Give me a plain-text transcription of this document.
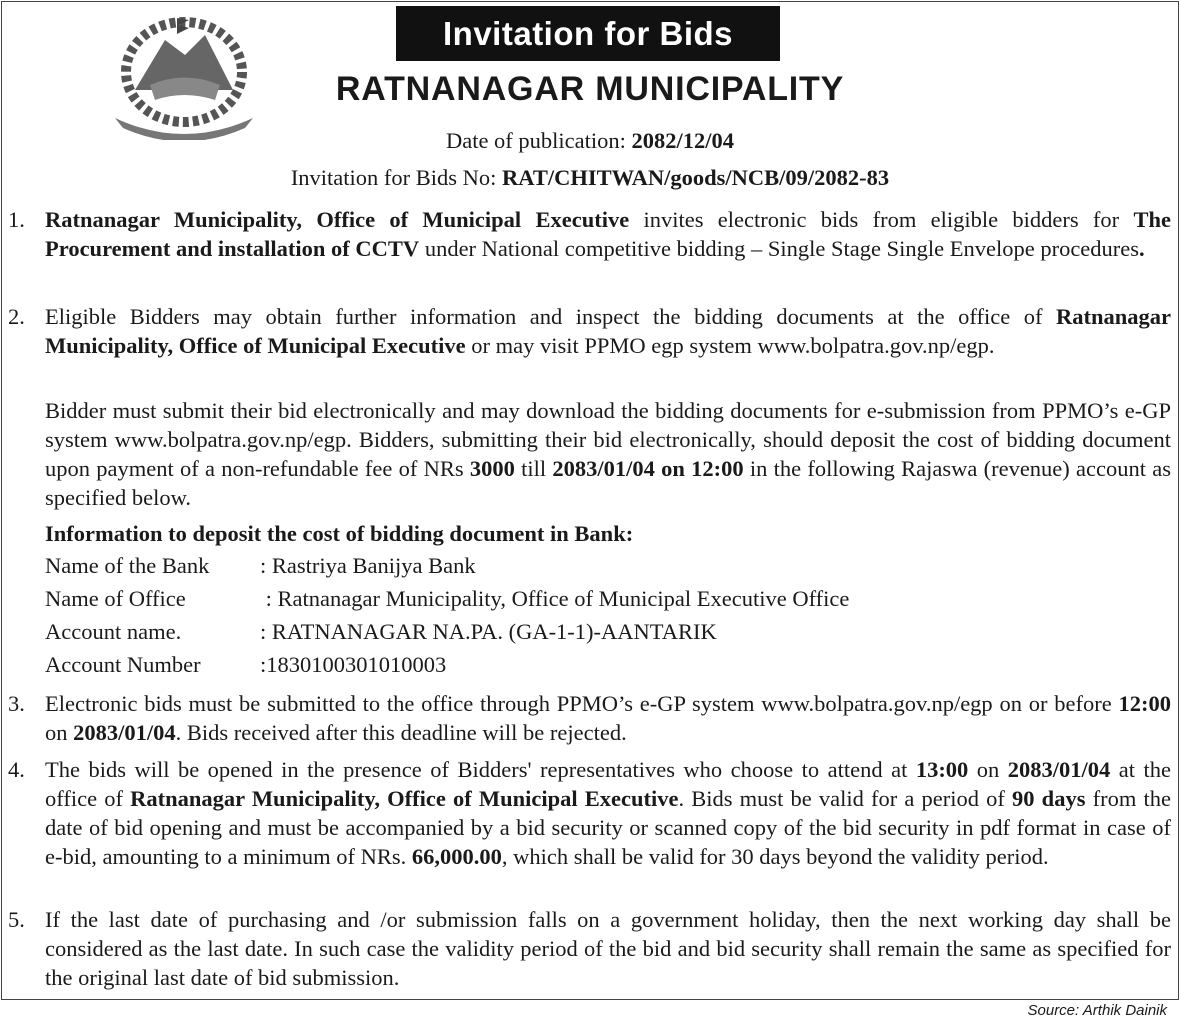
Invitation for Bids
RATNANAGAR MUNICIPALITY
Date of publication: 2082/12/04
Invitation for Bids No: RAT/CHITWAN/goods/NCB/09/2082-83
1. Ratnanagar Municipality, Office of Municipal Executive invites electronic bids from eligible bidders for The Procurement and installation of CCTV under National competitive bidding – Single Stage Single Envelope procedures.
2. Eligible Bidders may obtain further information and inspect the bidding documents at the office of Ratnanagar Municipality, Office of Municipal Executive or may visit PPMO egp system www.bolpatra.gov.np/egp.
Bidder must submit their bid electronically and may download the bidding documents for e-submission from PPMO’s e-GP system www.bolpatra.gov.np/egp. Bidders, submitting their bid electronically, should deposit the cost of bidding document upon payment of a non-refundable fee of NRs 3000 till 2083/01/04 on 12:00 in the following Rajaswa (revenue) account as specified below.
Information to deposit the cost of bidding document in Bank:
3. Electronic bids must be submitted to the office through PPMO’s e-GP system www.bolpatra.gov.np/egp on or before 12:00 on 2083/01/04. Bids received after this deadline will be rejected.
4. The bids will be opened in the presence of Bidders' representatives who choose to attend at 13:00 on 2083/01/04 at the office of Ratnanagar Municipality, Office of Municipal Executive. Bids must be valid for a period of 90 days from the date of bid opening and must be accompanied by a bid security or scanned copy of the bid security in pdf format in case of e-bid, amounting to a minimum of NRs. 66,000.00, which shall be valid for 30 days beyond the validity period.
5. If the last date of purchasing and /or submission falls on a government holiday, then the next working day shall be considered as the last date. In such case the validity period of the bid and bid security shall remain the same as specified for the original last date of bid submission.
Name of the Bank : Rastriya Banijya Bank
Name of Office	: Ratnanagar Municipality, Office of Municipal Executive Office
Account name.	: RATNANAGAR NA.PA. (GA-1-1)-AANTARIK
Account Number	:1830100301010003
Source: Arthik Dainik
